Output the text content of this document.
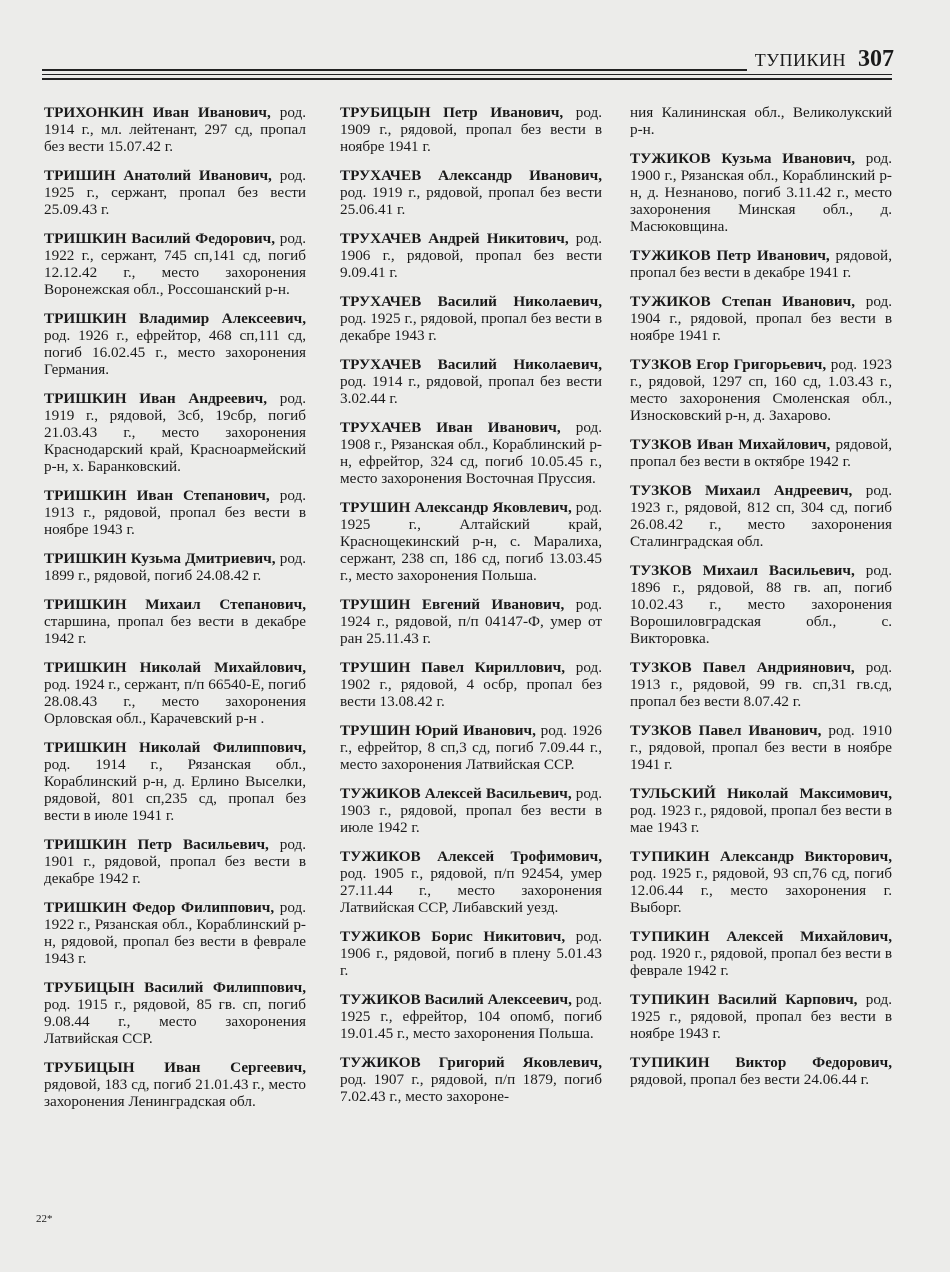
ТУПИКИН 307

ТРИХОНКИН Иван Иванович, род. 1914 г., мл. лейтенант, 297 сд, пропал без вести 15.07.42 г.

ТРИШИН Анатолий Иванович, род. 1925 г., сержант, пропал без вести 25.09.43 г.

ТРИШКИН Василий Федорович, род. 1922 г., сержант, 745 сп,141 сд, погиб 12.12.42 г., место захоронения Воронежская обл., Россошанский р-н.

ТРИШКИН Владимир Алексеевич, род. 1926 г., ефрейтор, 468 сп,111 сд, погиб 16.02.45 г., место захоронения Германия.

ТРИШКИН Иван Андреевич, род. 1919 г., рядовой, 3сб, 19сбр, погиб 21.03.43 г., место захоронения Краснодарский край, Красноармейский р-н, х. Баранковский.

ТРИШКИН Иван Степанович, род. 1913 г., рядовой, пропал без вести в ноябре 1943 г.

ТРИШКИН Кузьма Дмитриевич, род. 1899 г., рядовой, погиб 24.08.42 г.

ТРИШКИН Михаил Степанович, старшина, пропал без вести в декабре 1942 г.

ТРИШКИН Николай Михайлович, род. 1924 г., сержант, п/п 66540-Е, погиб 28.08.43 г., место захоронения Орловская обл., Карачевский р-н .

ТРИШКИН Николай Филиппович, род. 1914 г., Рязанская обл., Кораблинский р-н, д. Ерлино Выселки, рядовой, 801 сп,235 сд, пропал без вести в июле 1941 г.

ТРИШКИН Петр Васильевич, род. 1901 г., рядовой, пропал без вести в декабре 1942 г.

ТРИШКИН Федор Филиппович, род. 1922 г., Рязанская обл., Кораблинский р-н, рядовой, пропал без вести в феврале 1943 г.

ТРУБИЦЫН Василий Филиппович, род. 1915 г., рядовой, 85 гв. сп, погиб 9.08.44 г., место захоронения Латвийская ССР.

ТРУБИЦЫН Иван Сергеевич, рядовой, 183 сд, погиб 21.01.43 г., место захоронения Ленинградская обл.

ТРУБИЦЫН Петр Иванович, род. 1909 г., рядовой, пропал без вести в ноябре 1941 г.

ТРУХАЧЕВ Александр Иванович, род. 1919 г., рядовой, пропал без вести 25.06.41 г.

ТРУХАЧЕВ Андрей Никитович, род. 1906 г., рядовой, пропал без вести 9.09.41 г.

ТРУХАЧЕВ Василий Николаевич, род. 1925 г., рядовой, пропал без вести в декабре 1943 г.

ТРУХАЧЕВ Василий Николаевич, род. 1914 г., рядовой, пропал без вести 3.02.44 г.

ТРУХАЧЕВ Иван Иванович, род. 1908 г., Рязанская обл., Кораблинский р-н, ефрейтор, 324 сд, погиб 10.05.45 г., место захоронения Восточная Пруссия.

ТРУШИН Александр Яковлевич, род. 1925 г., Алтайский край, Краснощекинский р-н, с. Маралиха, сержант, 238 сп, 186 сд, погиб 13.03.45 г., место захоронения Польша.

ТРУШИН Евгений Иванович, род. 1924 г., рядовой, п/п 04147-Ф, умер от ран 25.11.43 г.

ТРУШИН Павел Кириллович, род. 1902 г., рядовой, 4 осбр, пропал без вести 13.08.42 г.

ТРУШИН Юрий Иванович, род. 1926 г., ефрейтор, 8 сп,3 сд, погиб 7.09.44 г., место захоронения Латвийская ССР.

ТУЖИКОВ Алексей Васильевич, род. 1903 г., рядовой, пропал без вести в июле 1942 г.

ТУЖИКОВ Алексей Трофимович, род. 1905 г., рядовой, п/п 92454, умер 27.11.44 г., место захоронения Латвийская ССР, Либавский уезд.

ТУЖИКОВ Борис Никитович, род. 1906 г., рядовой, погиб в плену 5.01.43 г.

ТУЖИКОВ Василий Алексеевич, род. 1925 г., ефрейтор, 104 опомб, погиб 19.01.45 г., место захоронения Польша.

ТУЖИКОВ Григорий Яковлевич, род. 1907 г., рядовой, п/п 1879, погиб 7.02.43 г., место захороне-

ния Калининская обл., Великолукский р-н.

ТУЖИКОВ Кузьма Иванович, род. 1900 г., Рязанская обл., Кораблинский р-н, д. Незнаново, погиб 3.11.42 г., место захоронения Минская обл., д. Масюковщина.

ТУЖИКОВ Петр Иванович, рядовой, пропал без вести в декабре 1941 г.

ТУЖИКОВ Степан Иванович, род. 1904 г., рядовой, пропал без вести в ноябре 1941 г.

ТУЗКОВ Егор Григорьевич, род. 1923 г., рядовой, 1297 сп, 160 сд, 1.03.43 г., место захоронения Смоленская обл., Износковский р-н, д. Захарово.

ТУЗКОВ Иван Михайлович, рядовой, пропал без вести в октябре 1942 г.

ТУЗКОВ Михаил Андреевич, род. 1923 г., рядовой, 812 сп, 304 сд, погиб 26.08.42 г., место захоронения Сталинградская обл.

ТУЗКОВ Михаил Васильевич, род. 1896 г., рядовой, 88 гв. ап, погиб 10.02.43 г., место захоронения Ворошиловградская обл., с. Викторовка.

ТУЗКОВ Павел Андриянович, род. 1913 г., рядовой, 99 гв. сп,31 гв.сд, пропал без вести 8.07.42 г.

ТУЗКОВ Павел Иванович, род. 1910 г., рядовой, пропал без вести в ноябре 1941 г.

ТУЛЬСКИЙ Николай Максимович, род. 1923 г., рядовой, пропал без вести в мае 1943 г.

ТУПИКИН Александр Викторович, род. 1925 г., рядовой, 93 сп,76 сд, погиб 12.06.44 г., место захоронения г. Выборг.

ТУПИКИН Алексей Михайлович, род. 1920 г., рядовой, пропал без вести в феврале 1942 г.

ТУПИКИН Василий Карпович, род. 1925 г., рядовой, пропал без вести в ноябре 1943 г.

ТУПИКИН Виктор Федорович, рядовой, пропал без вести 24.06.44 г.

22*
